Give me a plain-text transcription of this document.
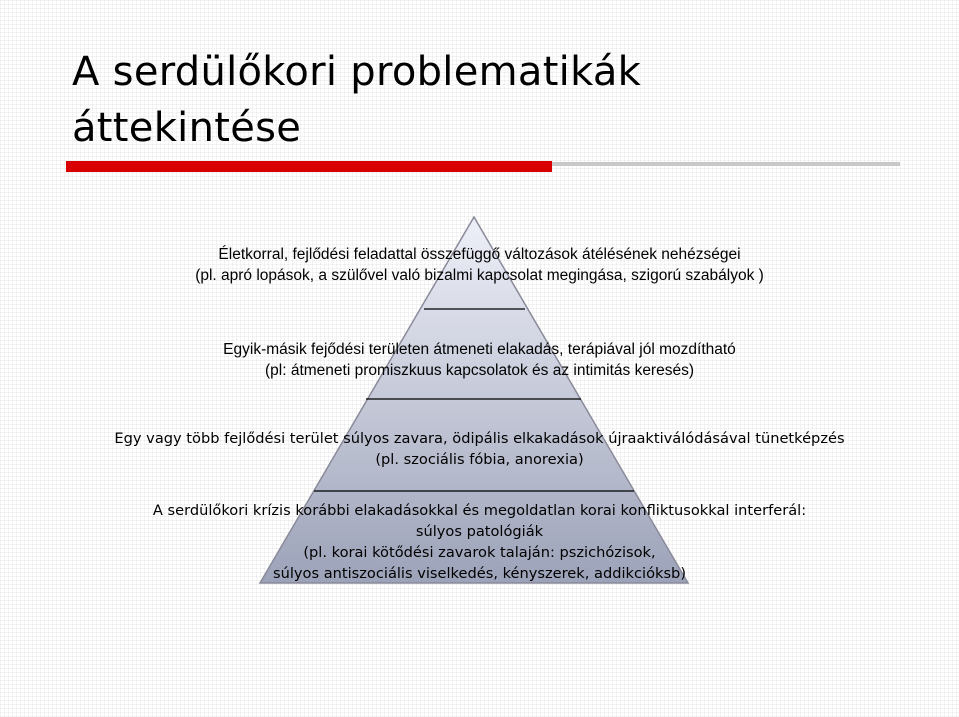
A serdülőkori problematikák
áttekintése
Életkorral, fejlődési feladattal összefüggő változások átélésének nehézségei
(pl. apró lopások, a szülővel való bizalmi kapcsolat megingása, szigorú szabályok )
Egyik-másik fejődési területen átmeneti elakadás, terápiával jól mozdítható
(pl: átmeneti promiszkuus kapcsolatok és az intimitás keresés)
Egy vagy több fejlődési terület súlyos zavara, ödipális elkakadások újraaktiválódásával tünetképzés
(pl. szociális fóbia, anorexia)
A serdülőkori krízis korábbi elakadásokkal és megoldatlan korai konfliktusokkal interferál:
súlyos patológiák
(pl. korai kötődési zavarok talaján: pszichózisok,
súlyos antiszociális viselkedés, kényszerek, addikcióksb)
